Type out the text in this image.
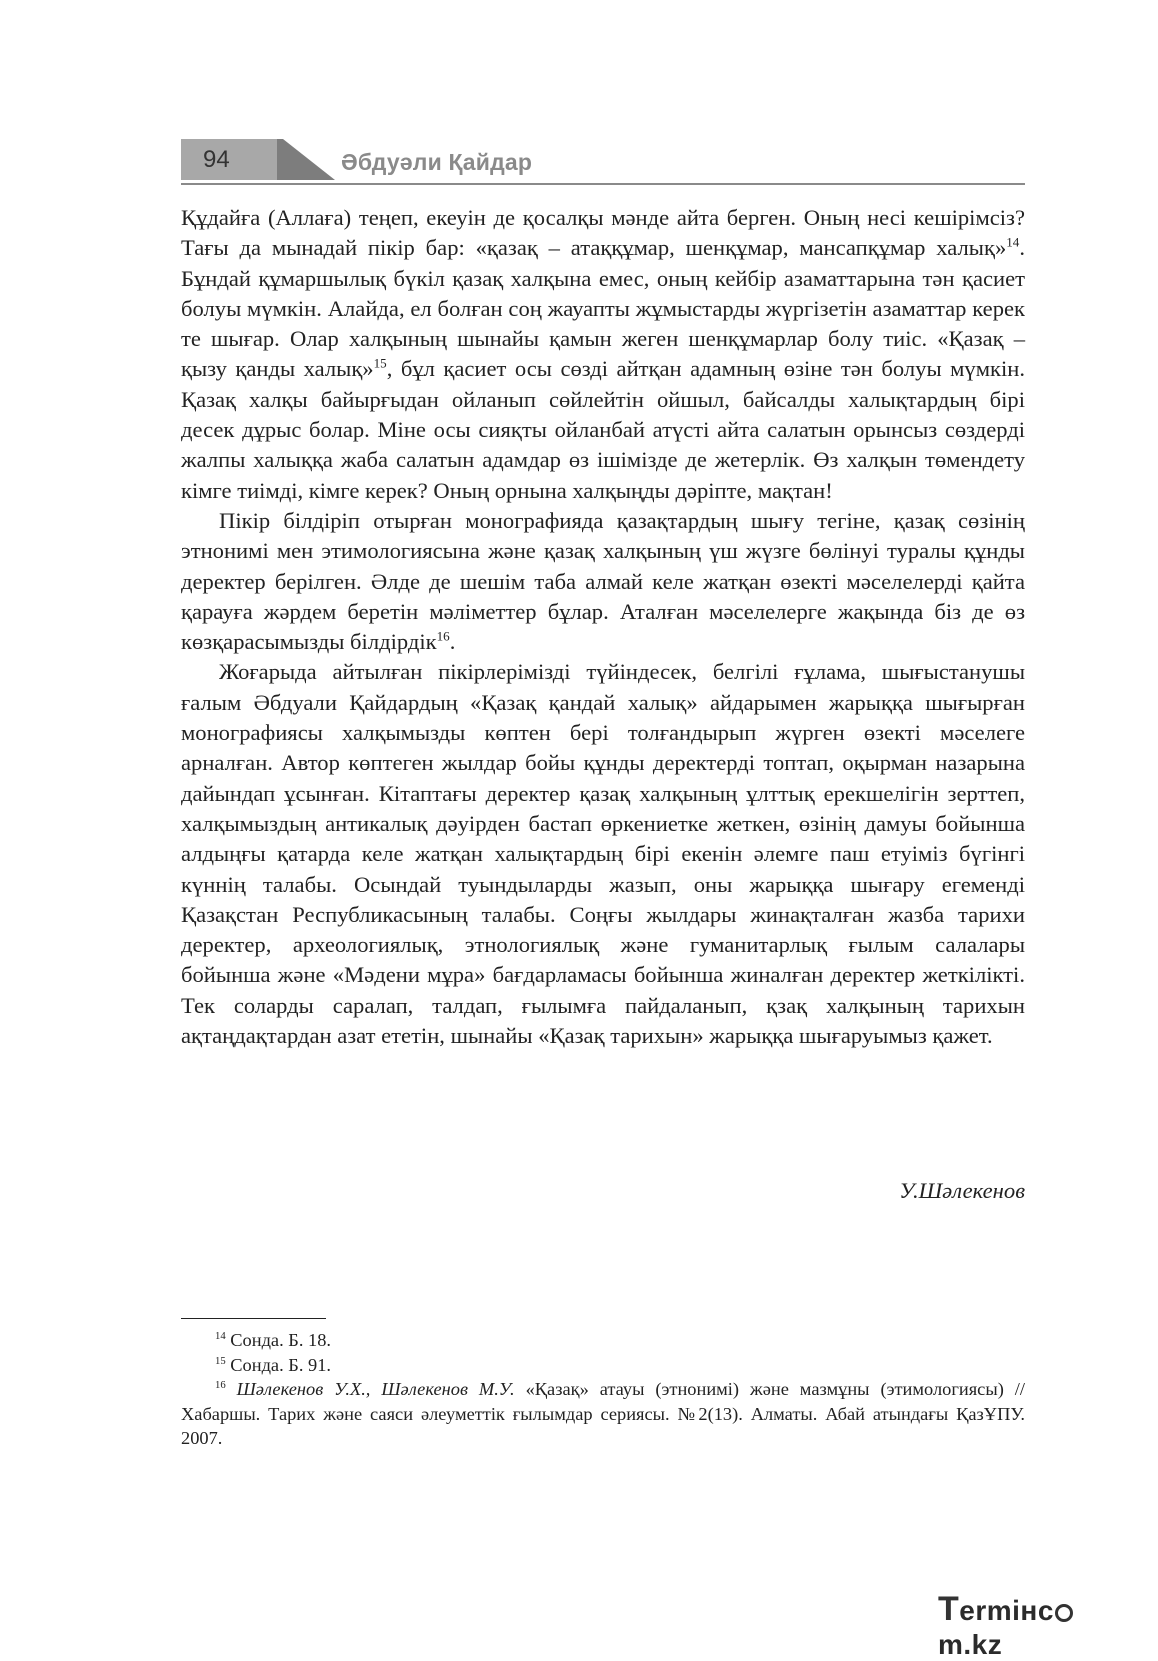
94	Әбдуәли Қайдар

Құдайға (Аллаға) теңеп, екеуін де қосалқы мәнде айта берген. Оның несі кешірімсіз? Тағы да мынадай пікір бар: «қазақ – атаққұмар, шенқұмар, мансапқұмар халық»$^{14}$. Бұндай құмаршылық бүкіл қазақ халқына емес, оның кейбір азаматтарына тән қасиет болуы мүмкін. Алайда, ел болған соң жауапты жұмыстарды жүргізетін азаматтар керек те шығар. Олар халқының шынайы қамын жеген шенқұмарлар болу тиіс. «Қазақ – қызу қанды халық»$^{15}$, бұл қасиет осы сөзді айтқан адамның өзіне тән болуы мүмкін. Қазақ халқы байырғыдан ойланып сөйлейтін ойшыл, байсалды халықтардың бірі десек дұрыс болар. Міне осы сияқты ойланбай атүсті айта салатын орынсыз сөздерді жалпы халыққа жаба салатын адамдар өз ішімізде де жетерлік. Өз халқын төмендету кімге тиімді, кімге керек? Оның орнына халқыңды дәріпте, мақтан!

Пікір білдіріп отырған монографияда қазақтардың шығу тегіне, қазақ сөзінің этнонимі мен этимологиясына және қазақ халқының үш жүзге бөлінуі туралы құнды деректер берілген. Әлде де шешім таба алмай келе жатқан өзекті мәселелерді қайта қарауға жәрдем беретін мәліметтер бұлар. Аталған мәселелерге жақында біз де өз көзқарасымызды білдірдік$^{16}$.

Жоғарыда айтылған пікірлерімізді түйіндесек, белгілі ғұлама, шығыстанушы ғалым Әбдуали Қайдардың «Қазақ қандай халық» айдарымен жарыққа шығырған монографиясы халқымызды көптен бері толғандырып жүрген өзекті мәселеге арналған. Автор көптеген жылдар бойы құнды деректерді топтап, оқырман назарына дайындап ұсынған. Кітаптағы деректер қазақ халқының ұлттық ерекшелігін зерттеп, халқымыздың антикалық дәуірден бастап өркениетке жеткен, өзінің дамуы бойынша алдыңғы қатарда келе жатқан халықтардың бірі екенін әлемге паш етуіміз бүгінгі күннің талабы. Осындай туындыларды жазып, оны жарыққа шығару егеменді Қазақстан Республикасының талабы. Соңғы жылдары жинақталған жазба тарихи деректер, археологиялық, этнологиялық және гуманитарлық ғылым салалары бойынша және «Мәдени мұра» бағдарламасы бойынша жиналған деректер жеткілікті. Тек соларды саралап, талдап, ғылымға пайдаланып, қзақ халқының тарихын ақтаңдақтардан азат ететін, шынайы «Қазақ тарихын» жарыққа шығаруымыз қажет.

У.Шәлекенов

$^{14}$ Сонда. Б. 18.

$^{15}$ Сонда. Б. 91.

$^{16}$ Шәлекенов У.Х., Шәлекенов М.У. «Қазақ» атауы (этнонимі) және мазмұны (этимологиясы) // Хабаршы. Тарих және саяси әлеуметтік ғылымдар сериясы. №2(13). Алматы. Абай атындағы ҚазҰПУ. 2007.

Termінcm.kz
